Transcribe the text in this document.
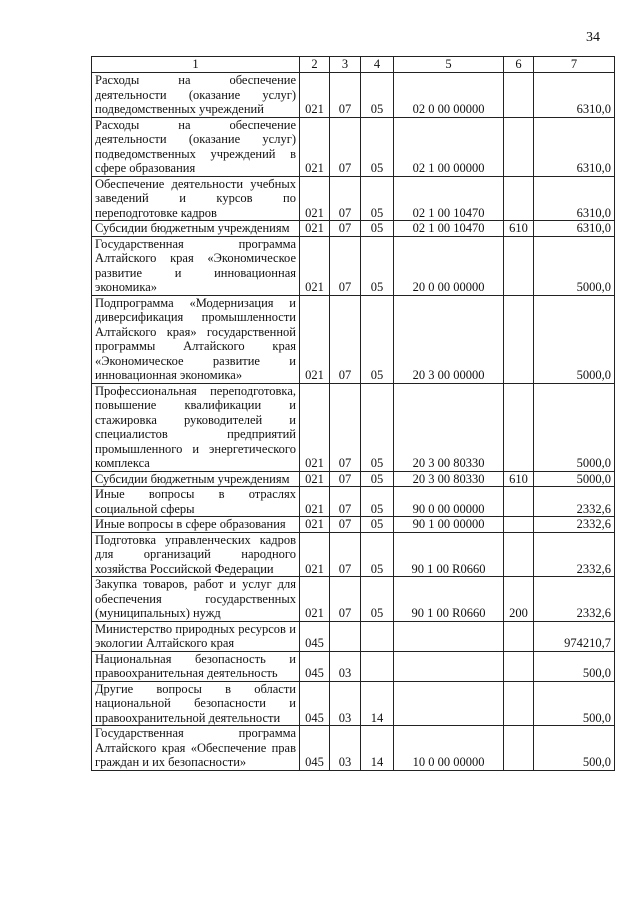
34
1	2	3	4	5	6	7
Расходы на обеспечение деятельности (оказание услуг) подведомственных учреждений	021	07	05	02 0 00 00000		6310,0
Расходы на обеспечение деятельности (оказание услуг) подведомственных учреждений в сфере образования	021	07	05	02 1 00 00000		6310,0
Обеспечение деятельности учебных заведений и курсов по переподготовке кадров	021	07	05	02 1 00 10470		6310,0
Субсидии бюджетным учреждениям	021	07	05	02 1 00 10470	610	6310,0
Государственная программа Алтайского края «Экономическое развитие и инновационная экономика»	021	07	05	20 0 00 00000		5000,0
Подпрограмма «Модернизация и диверсификация промышленности Алтайского края» государственной программы Алтайского края «Экономическое развитие и инновационная экономика»	021	07	05	20 3 00 00000		5000,0
Профессиональная переподготовка, повышение квалификации и стажировка руководителей и специалистов предприятий промышленного и энергетического комплекса	021	07	05	20 3 00 80330		5000,0
Субсидии бюджетным учреждениям	021	07	05	20 3 00 80330	610	5000,0
Иные вопросы в отраслях социальной сферы	021	07	05	90 0 00 00000		2332,6
Иные вопросы в сфере образования	021	07	05	90 1 00 00000		2332,6
Подготовка управленческих кадров для организаций народного хозяйства Российской Федерации	021	07	05	90 1 00 R0660		2332,6
Закупка товаров, работ и услуг для обеспечения государственных (муниципальных) нужд	021	07	05	90 1 00 R0660	200	2332,6
Министерство природных ресурсов и экологии Алтайского края	045					974210,7
Национальная безопасность и правоохранительная деятельность	045	03				500,0
Другие вопросы в области национальной безопасности и правоохранительной деятельности	045	03	14			500,0
Государственная программа Алтайского края «Обеспечение прав граждан и их безопасности»	045	03	14	10 0 00 00000		500,0
